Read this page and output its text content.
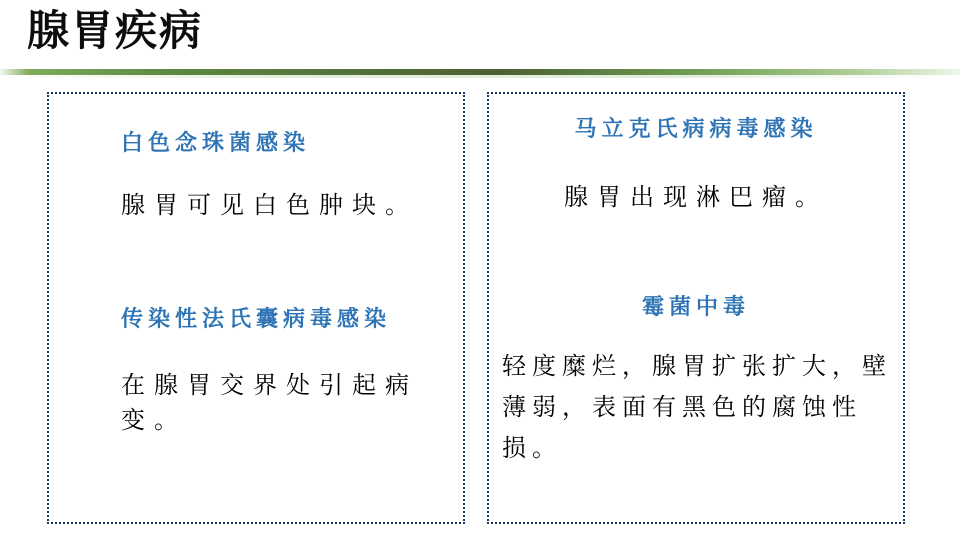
腺胃疾病
白色念珠菌感染
腺胃可见白色肿块。
传染性法氏囊病毒感染
在腺胃交界处引起病变。
马立克氏病病毒感染
腺胃出现淋巴瘤。
霉菌中毒
轻度糜烂，腺胃扩张扩大，壁薄弱，表面有黑色的腐蚀性损。
